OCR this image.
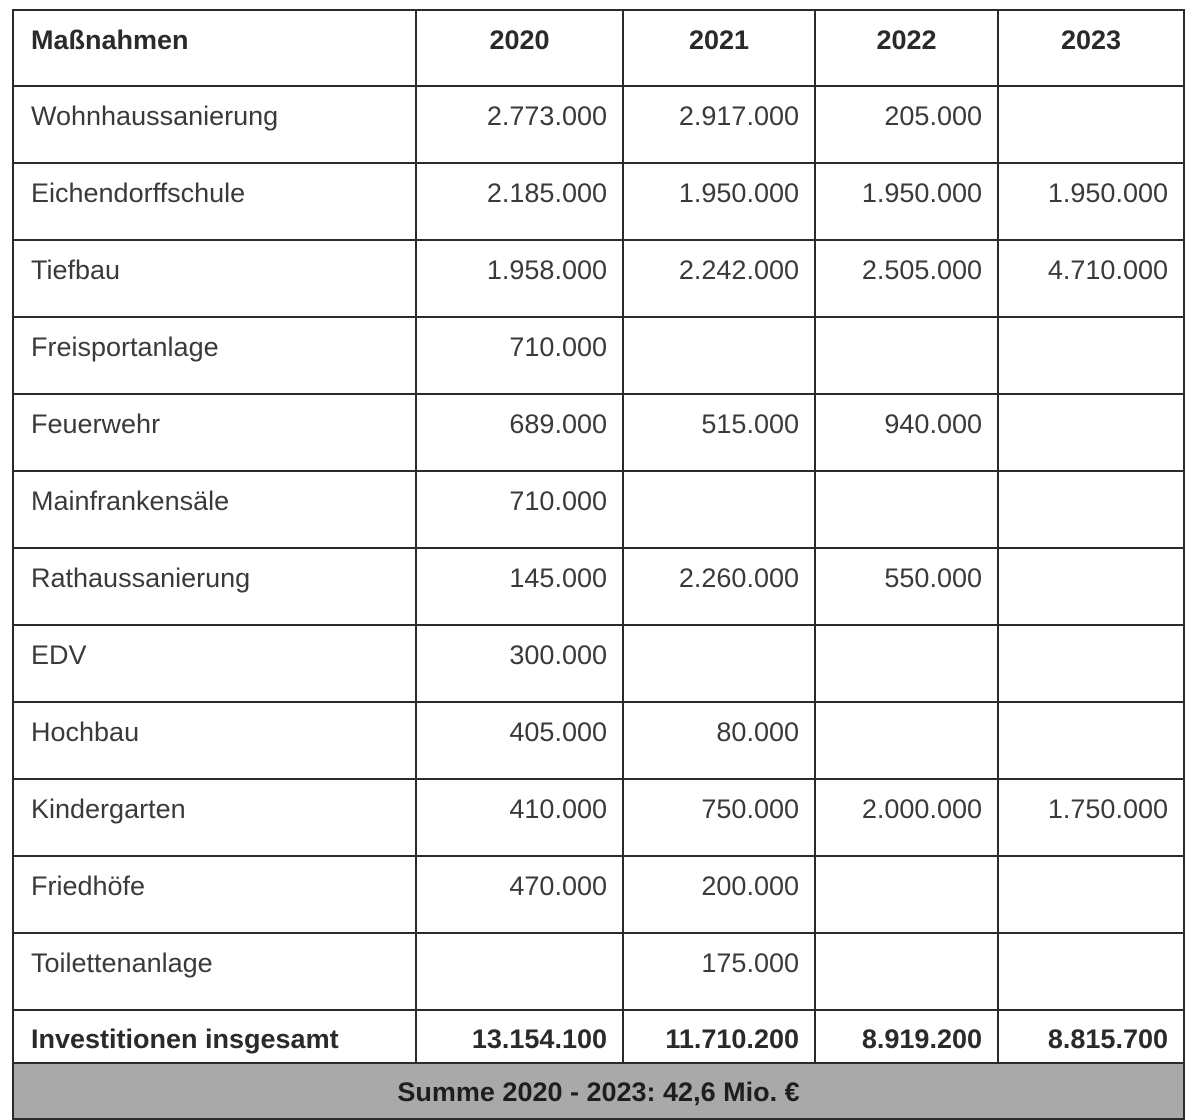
Maßnahmen	2020	2021	2022	2023
Wohnhaussanierung	2.773.000	2.917.000	205.000	
Eichendorffschule	2.185.000	1.950.000	1.950.000	1.950.000
Tiefbau	1.958.000	2.242.000	2.505.000	4.710.000
Freisportanlage	710.000			
Feuerwehr	689.000	515.000	940.000	
Mainfrankensäle	710.000			
Rathaussanierung	145.000	2.260.000	550.000	
EDV	300.000			
Hochbau	405.000	80.000		
Kindergarten	410.000	750.000	2.000.000	1.750.000
Friedhöfe	470.000	200.000		
Toilettenanlage		175.000		
Investitionen insgesamt	13.154.100	11.710.200	8.919.200	8.815.700
Summe 2020 - 2023: 42,6 Mio. €				
